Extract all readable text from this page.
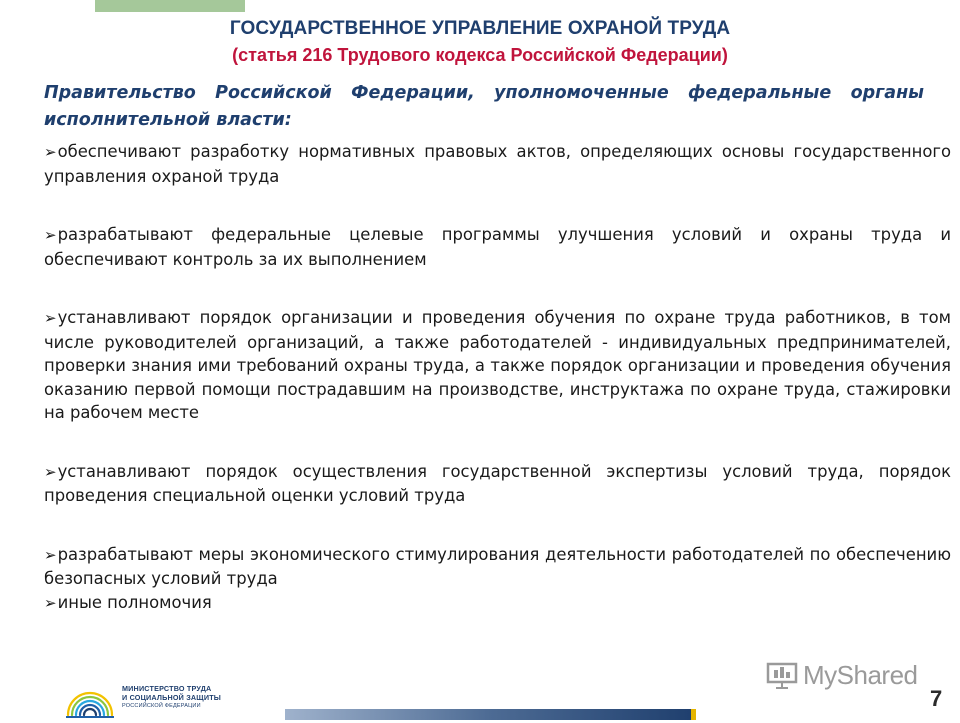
ГОСУДАРСТВЕННОЕ УПРАВЛЕНИЕ ОХРАНОЙ ТРУДА
(статья 216 Трудового кодекса Российской Федерации)
Правительство Российской Федерации, уполномоченные федеральные органы
исполнительной власти:
➢обеспечивают разработку нормативных правовых актов, определяющих основы государственного управления охраной труда
➢разрабатывают федеральные целевые программы улучшения условий и охраны труда и обеспечивают контроль за их выполнением
➢устанавливают порядок организации и проведения обучения по охране труда работников, в том числе руководителей организаций, а также работодателей - индивидуальных предпринимателей, проверки знания ими требований охраны труда, а также порядок организации и проведения обучения оказанию первой помощи пострадавшим на производстве, инструктажа по охране труда, стажировки на рабочем месте
➢устанавливают порядок осуществления государственной экспертизы условий труда, порядок проведения специальной оценки условий труда
➢разрабатывают меры экономического стимулирования деятельности работодателей по обеспечению безопасных условий труда
➢иные полномочия
МИНИСТЕРСТВО ТРУДА
И СОЦИАЛЬНОЙ ЗАЩИТЫ
РОССИЙСКОЙ ФЕДЕРАЦИИ
MyShared
7
